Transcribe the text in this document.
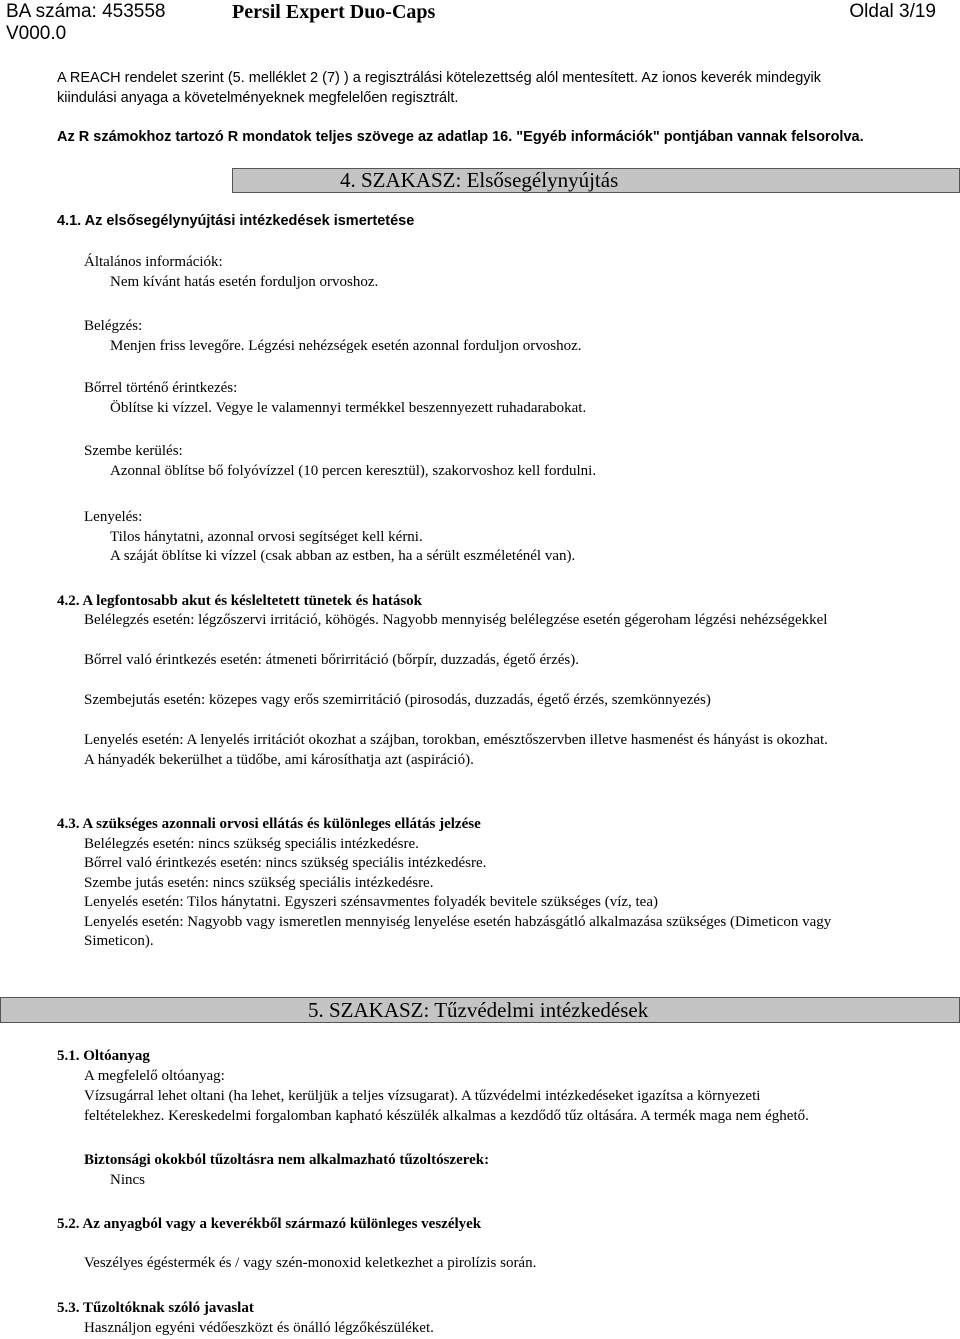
BA száma: 453558
V000.0
Persil Expert Duo-Caps	Oldal 3/19
A REACH rendelet szerint (5. melléklet 2 (7) ) a regisztrálási kötelezettség alól mentesített. Az ionos keverék mindegyik
kiindulási anyaga a követelményeknek megfelelően regisztrált.
Az R számokhoz tartozó R mondatok teljes szövege az adatlap 16. "Egyéb információk" pontjában vannak felsorolva.
4. SZAKASZ: Elsősegélynyújtás
4.1. Az elsősegélynyújtási intézkedések ismertetése
Általános információk:
Nem kívánt hatás esetén forduljon orvoshoz.
Belégzés:
Menjen friss levegőre. Légzési nehézségek esetén azonnal forduljon orvoshoz.
Bőrrel történő érintkezés:
Öblítse ki vízzel. Vegye le valamennyi termékkel beszennyezett ruhadarabokat.
Szembe kerülés:
Azonnal öblítse bő folyóvízzel (10 percen keresztül), szakorvoshoz kell fordulni.
Lenyelés:
Tilos hánytatni, azonnal orvosi segítséget kell kérni.
A száját öblítse ki vízzel (csak abban az estben, ha a sérült eszméleténél van).
4.2. A legfontosabb akut és késleltetett tünetek és hatások
Belélegzés esetén: légzőszervi irritáció, köhögés. Nagyobb mennyiség belélegzése esetén gégeroham légzési nehézségekkel
Bőrrel való érintkezés esetén: átmeneti bőrirritáció (bőrpír, duzzadás, égető érzés).
Szembejutás esetén: közepes vagy erős szemirritáció (pirosodás, duzzadás, égető érzés, szemkönnyezés)
Lenyelés esetén: A lenyelés irritációt okozhat a szájban, torokban, emésztőszervben illetve hasmenést és hányást is okozhat.
A hányadék bekerülhet a tüdőbe, ami károsíthatja azt (aspiráció).
4.3. A szükséges azonnali orvosi ellátás és különleges ellátás jelzése
Belélegzés esetén: nincs szükség speciális intézkedésre.
Bőrrel való érintkezés esetén: nincs szükség speciális intézkedésre.
Szembe jutás esetén: nincs szükség speciális intézkedésre.
Lenyelés esetén: Tilos hánytatni. Egyszeri szénsavmentes folyadék bevitele szükséges (víz, tea)
Lenyelés esetén: Nagyobb vagy ismeretlen mennyiség lenyelése esetén habzásgátló alkalmazása szükséges (Dimeticon vagy
Simeticon).
5. SZAKASZ: Tűzvédelmi intézkedések
5.1. Oltóanyag
A megfelelő oltóanyag:
Vízsugárral lehet oltani (ha lehet, kerüljük a teljes vízsugarat). A tűzvédelmi intézkedéseket igazítsa a környezeti
feltételekhez. Kereskedelmi forgalomban kapható készülék alkalmas a kezdődő tűz oltására. A termék maga nem éghető.
Biztonsági okokból tűzoltásra nem alkalmazható tűzoltószerek:
Nincs
5.2. Az anyagból vagy a keverékből származó különleges veszélyek
Veszélyes égéstermék és / vagy szén-monoxid keletkezhet a pirolízis során.
5.3. Tűzoltóknak szóló javaslat
Használjon egyéni védőeszközt és önálló légzőkészüléket.
